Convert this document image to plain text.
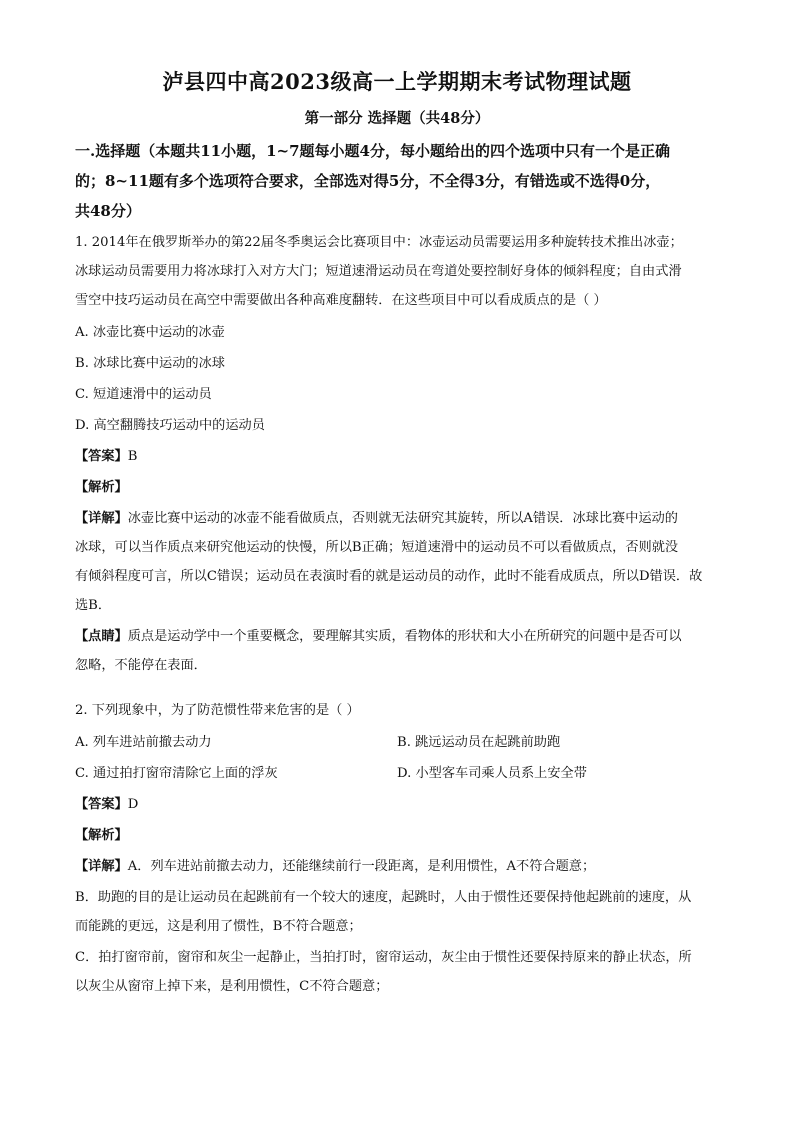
泸县四中高2023级高一上学期期末考试物理试题
第一部分 选择题（共48分）

一.选择题（本题共11小题，1~7题每小题4分，每小题给出的四个选项中只有一个是正确

的；8~11题有多个选项符合要求，全部选对得5分，不全得3分，有错选或不选得0分，

共48分）

1. 2014年在俄罗斯举办的第22届冬季奥运会比赛项目中：冰壶运动员需要运用多种旋转技术推出冰壶；

冰球运动员需要用力将冰球打入对方大门；短道速滑运动员在弯道处要控制好身体的倾斜程度；自由式滑

雪空中技巧运动员在高空中需要做出各种高难度翻转．在这些项目中可以看成质点的是（ ）

A. 冰壶比赛中运动的冰壶

B. 冰球比赛中运动的冰球

C. 短道速滑中的运动员

D. 高空翻腾技巧运动中的运动员

【答案】B

【解析】

【详解】冰壶比赛中运动的冰壶不能看做质点，否则就无法研究其旋转，所以A错误．冰球比赛中运动的

冰球，可以当作质点来研究他运动的快慢，所以B正确；短道速滑中的运动员不可以看做质点，否则就没

有倾斜程度可言，所以C错误；运动员在表演时看的就是运动员的动作，此时不能看成质点，所以D错误．故

选B．

【点睛】质点是运动学中一个重要概念，要理解其实质，看物体的形状和大小在所研究的问题中是否可以

忽略，不能停在表面．

2. 下列现象中，为了防范惯性带来危害的是（ ）

A. 列车进站前撤去动力	B. 跳远运动员在起跳前助跑
C. 通过拍打窗帘清除它上面的浮灰	D. 小型客车司乘人员系上安全带

【答案】D

【解析】

【详解】A．列车进站前撤去动力，还能继续前行一段距离，是利用惯性，A不符合题意；

B．助跑的目的是让运动员在起跳前有一个较大的速度，起跳时，人由于惯性还要保持他起跳前的速度，从

而能跳的更远，这是利用了惯性，B不符合题意；

C．拍打窗帘前，窗帘和灰尘一起静止，当拍打时，窗帘运动，灰尘由于惯性还要保持原来的静止状态，所

以灰尘从窗帘上掉下来，是利用惯性，C不符合题意；
